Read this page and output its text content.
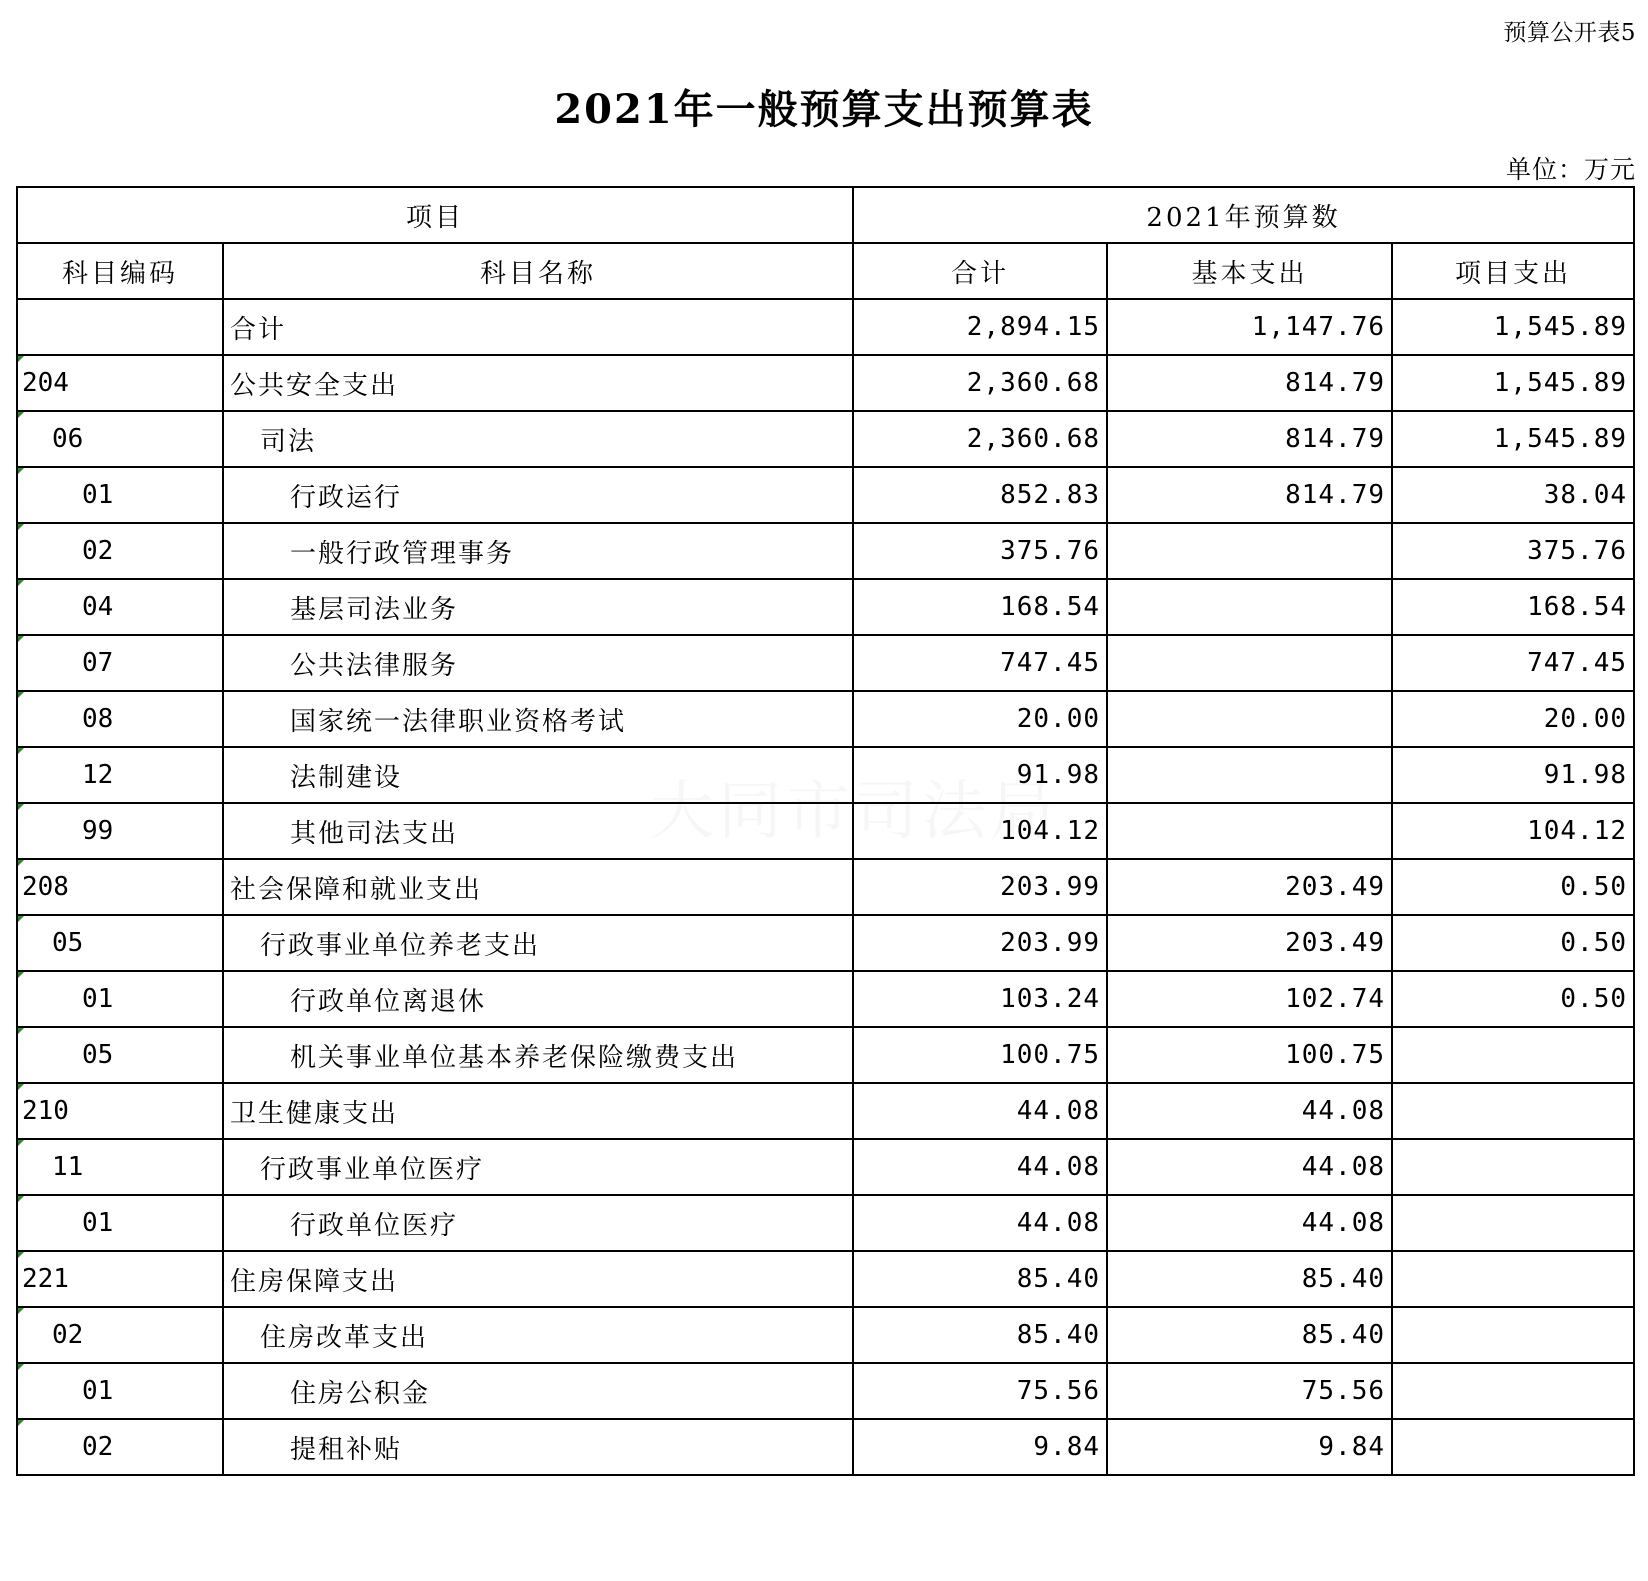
预算公开表5
2021年一般预算支出预算表
单位：万元
项目		2021年预算数		
科目编码	科目名称	合计	基本支出	项目支出
	合计	2,894.15	1,147.76	1,545.89

204	公共安全支出	2,360.68	814.79	1,545.89

06	司法	2,360.68	814.79	1,545.89

01	行政运行	852.83	814.79	38.04

02	一般行政管理事务	375.76		375.76

04	基层司法业务	168.54		168.54

07	公共法律服务	747.45		747.45

08	国家统一法律职业资格考试	20.00		20.00

12	法制建设	91.98		91.98

99	其他司法支出	104.12		104.12

208	社会保障和就业支出	203.99	203.49	0.50

05	行政事业单位养老支出	203.99	203.49	0.50

01	行政单位离退休	103.24	102.74	0.50

05	机关事业单位基本养老保险缴费支出	100.75	100.75	

210	卫生健康支出	44.08	44.08	

11	行政事业单位医疗	44.08	44.08	

01	行政单位医疗	44.08	44.08	

221	住房保障支出	85.40	85.40	

02	住房改革支出	85.40	85.40	

01	住房公积金	75.56	75.56	

02	提租补贴	9.84	9.84	
